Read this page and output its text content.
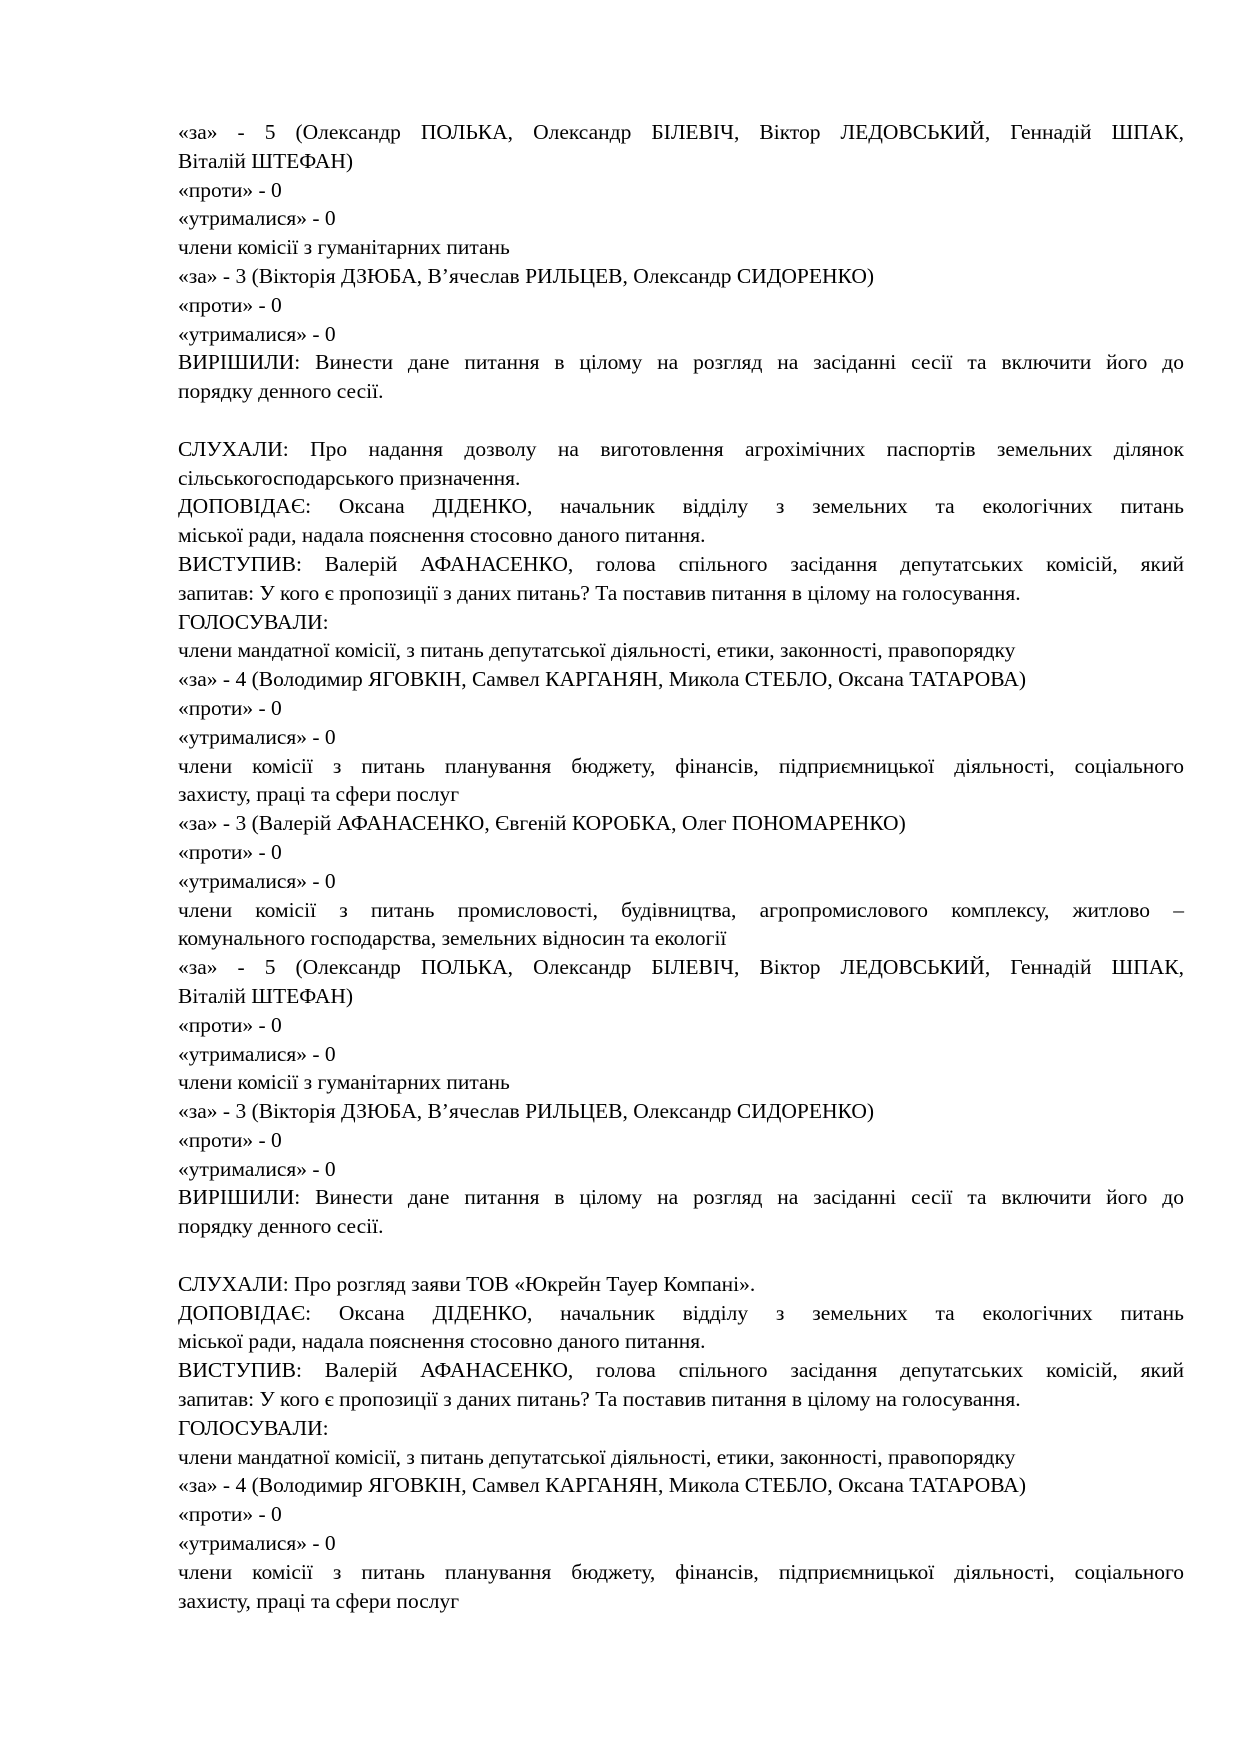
«за» - 5 (Олександр ПОЛЬКА, Олександр БІЛЕВІЧ, Віктор ЛЕДОВСЬКИЙ, Геннадій ШПАК,
Віталій ШТЕФАН)
«проти» - 0
«утрималися» - 0
члени комісії з гуманітарних питань
«за» - 3 (Вікторія ДЗЮБА, В’ячеслав РИЛЬЦЕВ, Олександр СИДОРЕНКО)
«проти» - 0
«утрималися» - 0
ВИРІШИЛИ: Винести дане питання в цілому на розгляд на засіданні сесії та включити його до
порядку денного сесії.
СЛУХАЛИ: Про надання дозволу на виготовлення агрохімічних паспортів земельних ділянок
сільськогосподарського призначення.
ДОПОВІДАЄ: Оксана ДІДЕНКО, начальник відділу з земельних та екологічних питань
міської ради, надала пояснення стосовно даного питання.
ВИСТУПИВ: Валерій АФАНАСЕНКО, голова спільного засідання депутатських комісій, який
запитав: У кого є пропозиції з даних питань? Та поставив питання в цілому на голосування.
ГОЛОСУВАЛИ:
члени мандатної комісії, з питань депутатської діяльності, етики, законності, правопорядку
«за» - 4 (Володимир ЯГОВКІН, Самвел КАРГАНЯН, Микола СТЕБЛО, Оксана ТАТАРОВА)
«проти» - 0
«утрималися» - 0
члени комісії з питань планування бюджету, фінансів, підприємницької діяльності, соціального
захисту, праці та сфери послуг
«за» - 3 (Валерій АФАНАСЕНКО, Євгеній КОРОБКА, Олег ПОНОМАРЕНКО)
«проти» - 0
«утрималися» - 0
члени комісії з питань промисловості, будівництва, агропромислового комплексу, житлово –
комунального господарства, земельних відносин та екології
«за» - 5 (Олександр ПОЛЬКА, Олександр БІЛЕВІЧ, Віктор ЛЕДОВСЬКИЙ, Геннадій ШПАК,
Віталій ШТЕФАН)
«проти» - 0
«утрималися» - 0
члени комісії з гуманітарних питань
«за» - 3 (Вікторія ДЗЮБА, В’ячеслав РИЛЬЦЕВ, Олександр СИДОРЕНКО)
«проти» - 0
«утрималися» - 0
ВИРІШИЛИ: Винести дане питання в цілому на розгляд на засіданні сесії та включити його до
порядку денного сесії.
СЛУХАЛИ: Про розгляд заяви ТОВ «Юкрейн Тауер Компані».
ДОПОВІДАЄ: Оксана ДІДЕНКО, начальник відділу з земельних та екологічних питань
міської ради, надала пояснення стосовно даного питання.
ВИСТУПИВ: Валерій АФАНАСЕНКО, голова спільного засідання депутатських комісій, який
запитав: У кого є пропозиції з даних питань? Та поставив питання в цілому на голосування.
ГОЛОСУВАЛИ:
члени мандатної комісії, з питань депутатської діяльності, етики, законності, правопорядку
«за» - 4 (Володимир ЯГОВКІН, Самвел КАРГАНЯН, Микола СТЕБЛО, Оксана ТАТАРОВА)
«проти» - 0
«утрималися» - 0
члени комісії з питань планування бюджету, фінансів, підприємницької діяльності, соціального
захисту, праці та сфери послуг
